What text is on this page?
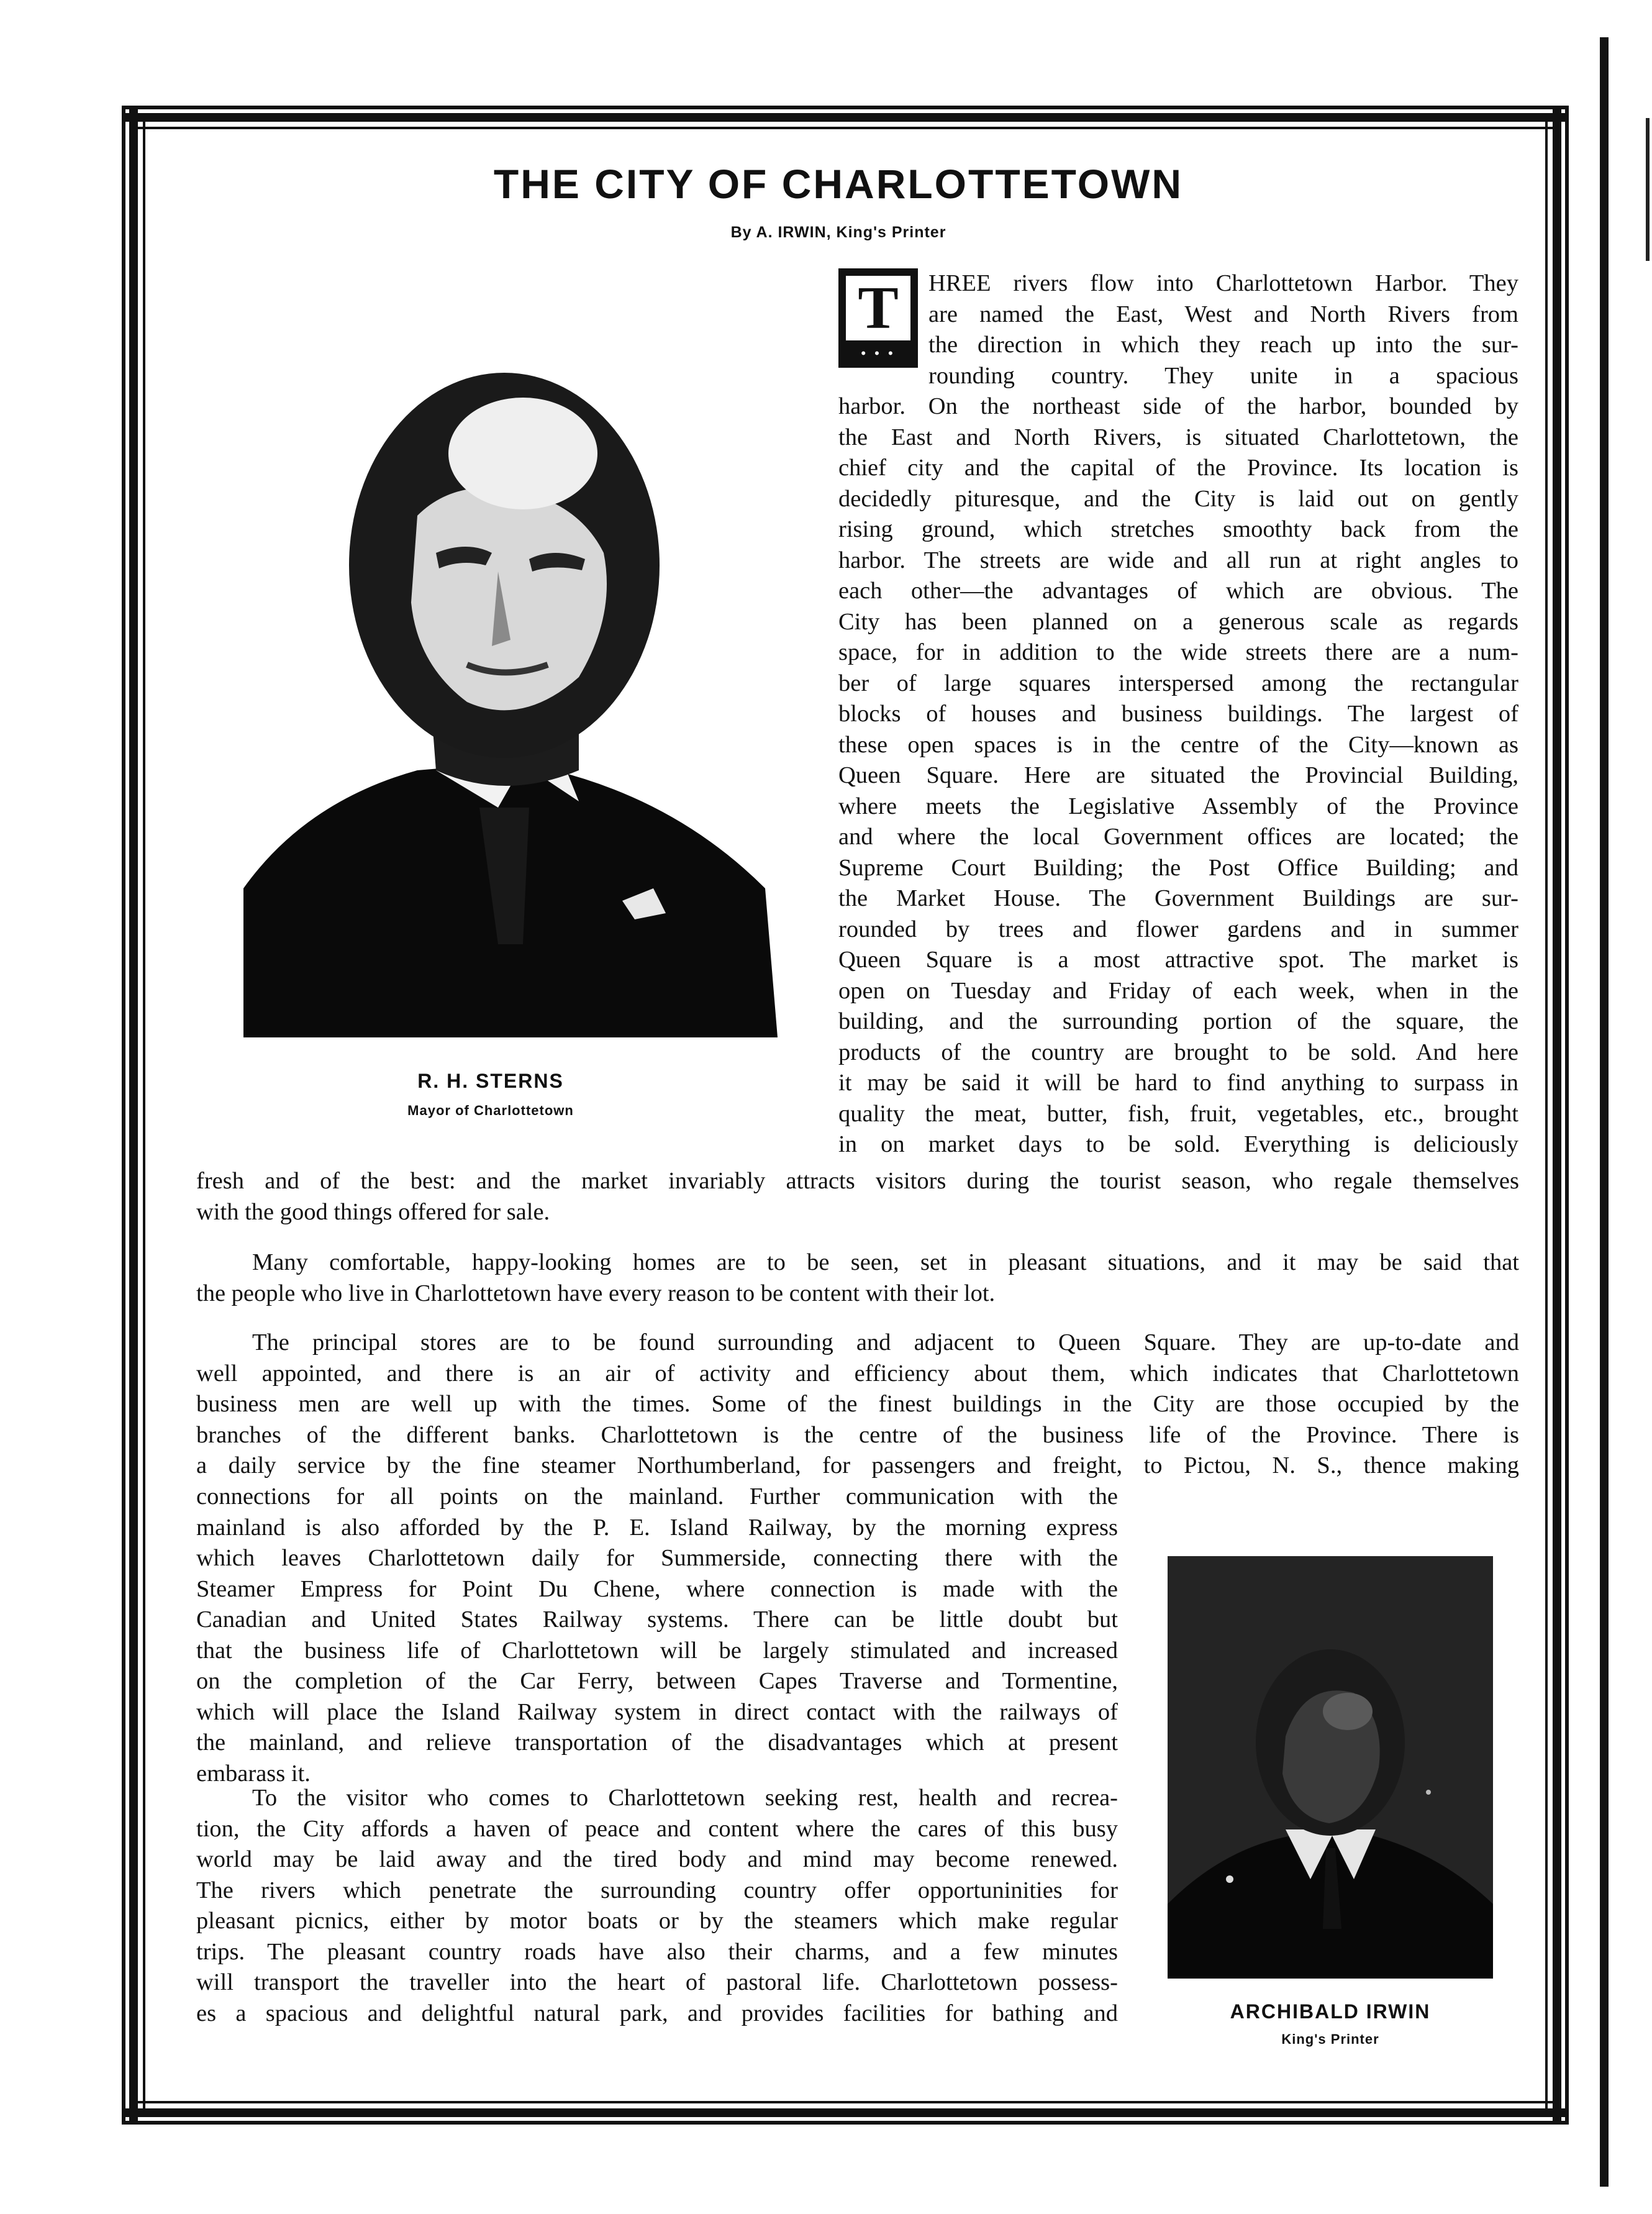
THE CITY OF CHARLOTTETOWN
By A. IRWIN, King's Printer
R. H. STERNS
Mayor of Charlottetown
T
• • •
HREE rivers flow into Charlottetown Harbor. They
are named the East, West and North Rivers from
the direction in which they reach up into the sur-
rounding country. They unite in a spacious
harbor. On the northeast side of the harbor, bounded by
the East and North Rivers, is situated Charlottetown, the
chief city and the capital of the Province. Its location is
decidedly pituresque, and the City is laid out on gently
rising ground, which stretches smoothty back from the
harbor. The streets are wide and all run at right angles to
each other—the advantages of which are obvious. The
City has been planned on a generous scale as regards
space, for in addition to the wide streets there are a num-
ber of large squares interspersed among the rectangular
blocks of houses and business buildings. The largest of
these open spaces is in the centre of the City—known as
Queen Square. Here are situated the Provincial Building,
where meets the Legislative Assembly of the Province
and where the local Government offices are located; the
Supreme Court Building; the Post Office Building; and
the Market House. The Government Buildings are sur-
rounded by trees and flower gardens and in summer
Queen Square is a most attractive spot. The market is
open on Tuesday and Friday of each week, when in the
building, and the surrounding portion of the square, the
products of the country are brought to be sold. And here
it may be said it will be hard to find anything to surpass in
quality the meat, butter, fish, fruit, vegetables, etc., brought
in on market days to be sold. Everything is deliciously
fresh and of the best: and the market invariably attracts visitors during the tourist season, who regale themselves
with the good things offered for sale.
Many comfortable, happy-looking homes are to be seen, set in pleasant situations, and it may be said that
the people who live in Charlottetown have every reason to be content with their lot.
The principal stores are to be found surrounding and adjacent to Queen Square. They are up-to-date and
well appointed, and there is an air of activity and efficiency about them, which indicates that Charlottetown
business men are well up with the times. Some of the finest buildings in the City are those occupied by the
branches of the different banks. Charlottetown is the centre of the business life of the Province. There is
a daily service by the fine steamer Northumberland, for passengers and freight, to Pictou, N. S., thence making
connections for all points on the mainland. Further communication with the
mainland is also afforded by the P. E. Island Railway, by the morning express
which leaves Charlottetown daily for Summerside, connecting there with the
Steamer Empress for Point Du Chene, where connection is made with the
Canadian and United States Railway systems. There can be little doubt but
that the business life of Charlottetown will be largely stimulated and increased
on the completion of the Car Ferry, between Capes Traverse and Tormentine,
which will place the Island Railway system in direct contact with the railways of
the mainland, and relieve transportation of the disadvantages which at present
embarass it.
To the visitor who comes to Charlottetown seeking rest, health and recrea-
tion, the City affords a haven of peace and content where the cares of this busy
world may be laid away and the tired body and mind may become renewed.
The rivers which penetrate the surrounding country offer opportuninities for
pleasant picnics, either by motor boats or by the steamers which make regular
trips. The pleasant country roads have also their charms, and a few minutes
will transport the traveller into the heart of pastoral life. Charlottetown possess-
es a spacious and delightful natural park, and provides facilities for bathing and	ARCHIBALD IRWIN
King's Printer
